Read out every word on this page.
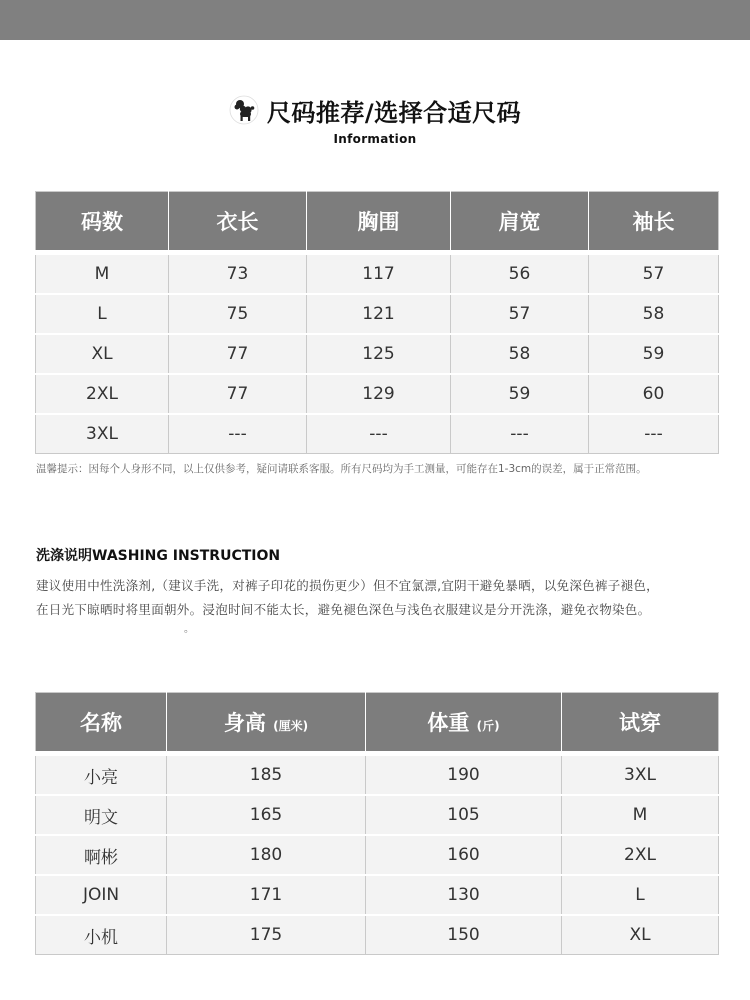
尺码推荐/选择合适尺码
Information
码数	衣长	胸围	肩宽	袖长
M	73	117	56	57
L	75	121	57	58
XL	77	125	58	59
2XL	77	129	59	60
3XL	---	---	---	---
温馨提示：因每个人身形不同，以上仅供参考，疑问请联系客服。所有尺码均为手工测量，可能存在1-3cm的误差，属于正常范围。
洗涤说明WASHING INSTRUCTION
建议使用中性洗涤剂,（建议手洗，对裤子印花的损伤更少）但不宜氯漂,宜阴干避免暴晒，以免深色裤子褪色，
在日光下晾晒时将里面朝外。浸泡时间不能太长，避免褪色深色与浅色衣服建议是分开洗涤，避免衣物染色。
。
名称	身高 (厘米)	体重 (斤)	试穿
小亮	185	190	3XL
明文	165	105	M
啊彬	180	160	2XL
JOIN	171	130	L
小机	175	150	XL
